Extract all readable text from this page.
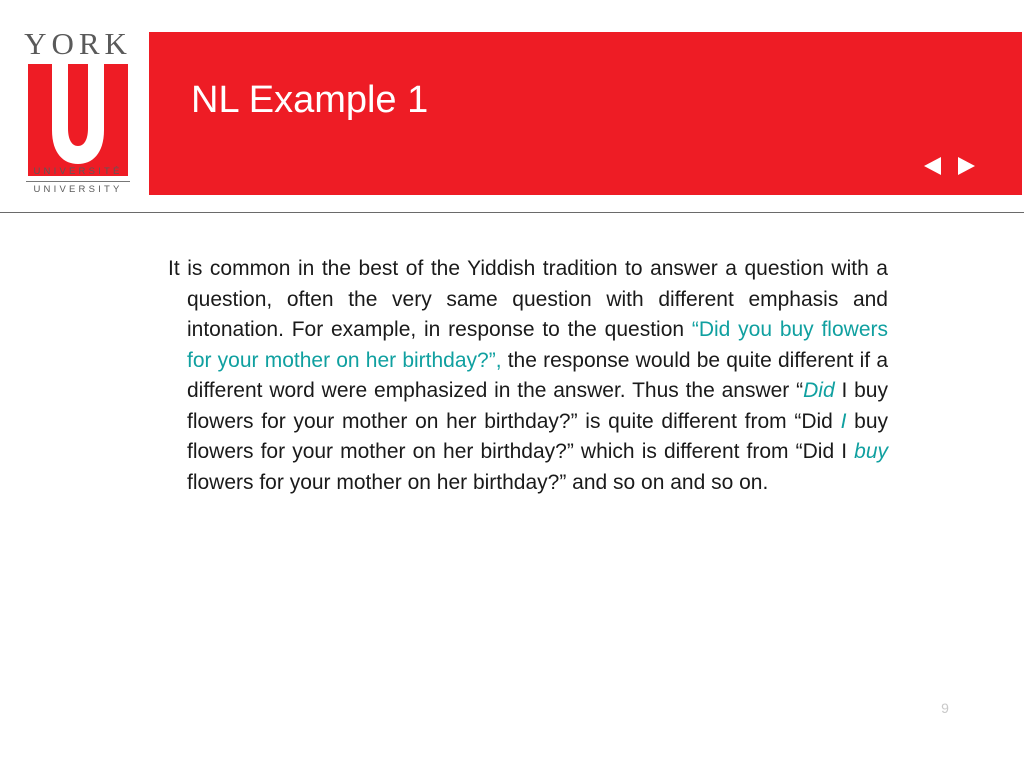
YORK
UNIVERSITÉ
UNIVERSITY
NL Example 1

It is common in the best of the Yiddish tradition to answer a question with a question, often the very same question with different emphasis and intonation. For example, in response to the question “Did you buy flowers for your mother on her birthday?”, the response would be quite different if a different word were emphasized in the answer. Thus the answer “Did I buy flowers for your mother on her birthday?” is quite different from “Did I buy flowers for your mother on her birthday?” which is different from “Did I buy flowers for your mother on her birthday?” and so on and so on.

9
